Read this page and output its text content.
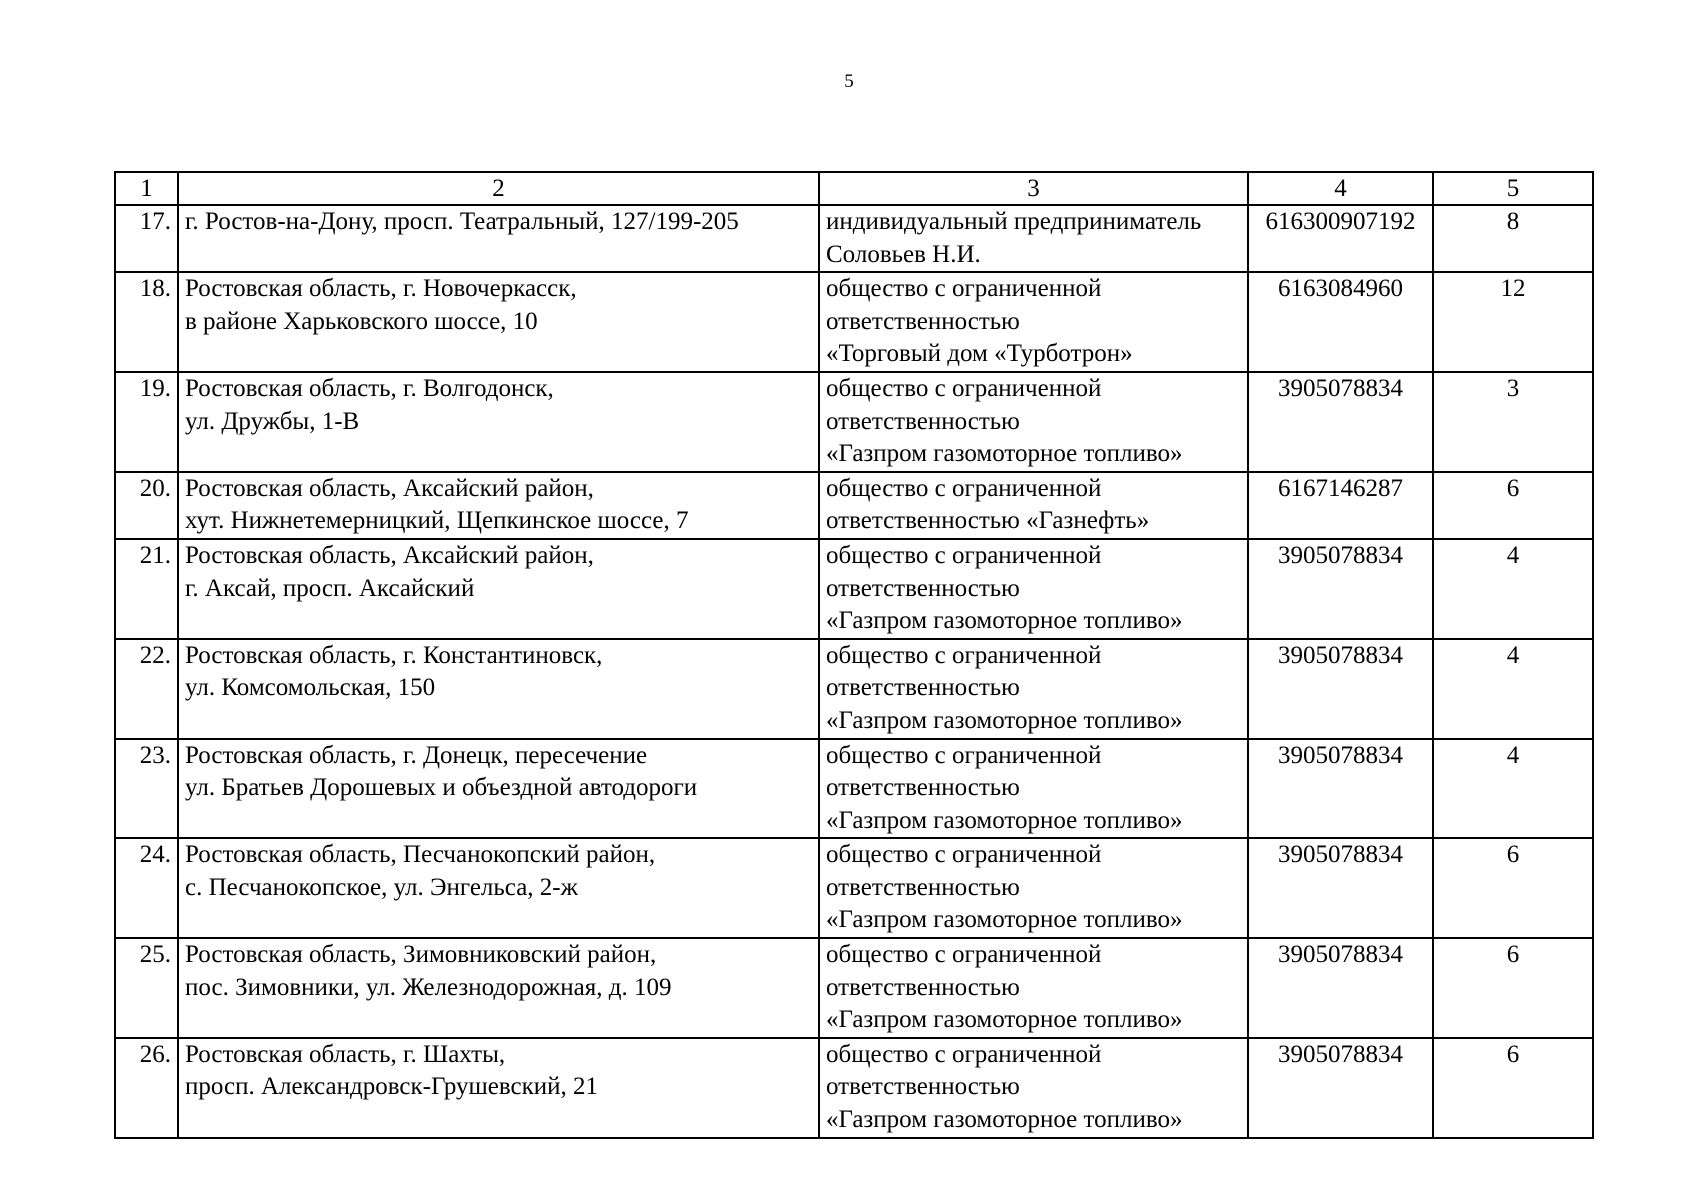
5
1	2	3	4	5
17.	г. Ростов-на-Дону, просп. Театральный, 127/199-205	индивидуальный предприниматель
Соловьев Н.И.	616300907192	8
18.	Ростовская область, г. Новочеркасск,
в районе Харьковского шоссе, 10	общество с ограниченной
ответственностью
«Торговый дом «Турботрон»	6163084960	12
19.	Ростовская область, г. Волгодонск,
ул. Дружбы, 1-В	общество с ограниченной
ответственностью
«Газпром газомоторное топливо»	3905078834	3
20.	Ростовская область, Аксайский район,
хут. Нижнетемерницкий, Щепкинское шоссе, 7	общество с ограниченной
ответственностью «Газнефть»	6167146287	6
21.	Ростовская область, Аксайский район,
г. Аксай, просп. Аксайский	общество с ограниченной
ответственностью
«Газпром газомоторное топливо»	3905078834	4
22.	Ростовская область, г. Константиновск,
ул. Комсомольская, 150	общество с ограниченной
ответственностью
«Газпром газомоторное топливо»	3905078834	4
23.	Ростовская область, г. Донецк, пересечение
ул. Братьев Дорошевых и объездной автодороги	общество с ограниченной
ответственностью
«Газпром газомоторное топливо»	3905078834	4
24.	Ростовская область, Песчанокопский район,
с. Песчанокопское, ул. Энгельса, 2-ж	общество с ограниченной
ответственностью
«Газпром газомоторное топливо»	3905078834	6
25.	Ростовская область, Зимовниковский район,
пос. Зимовники, ул. Железнодорожная, д. 109	общество с ограниченной
ответственностью
«Газпром газомоторное топливо»	3905078834	6
26.	Ростовская область, г. Шахты,
просп. Александровск-Грушевский, 21	общество с ограниченной
ответственностью
«Газпром газомоторное топливо»	3905078834	6
